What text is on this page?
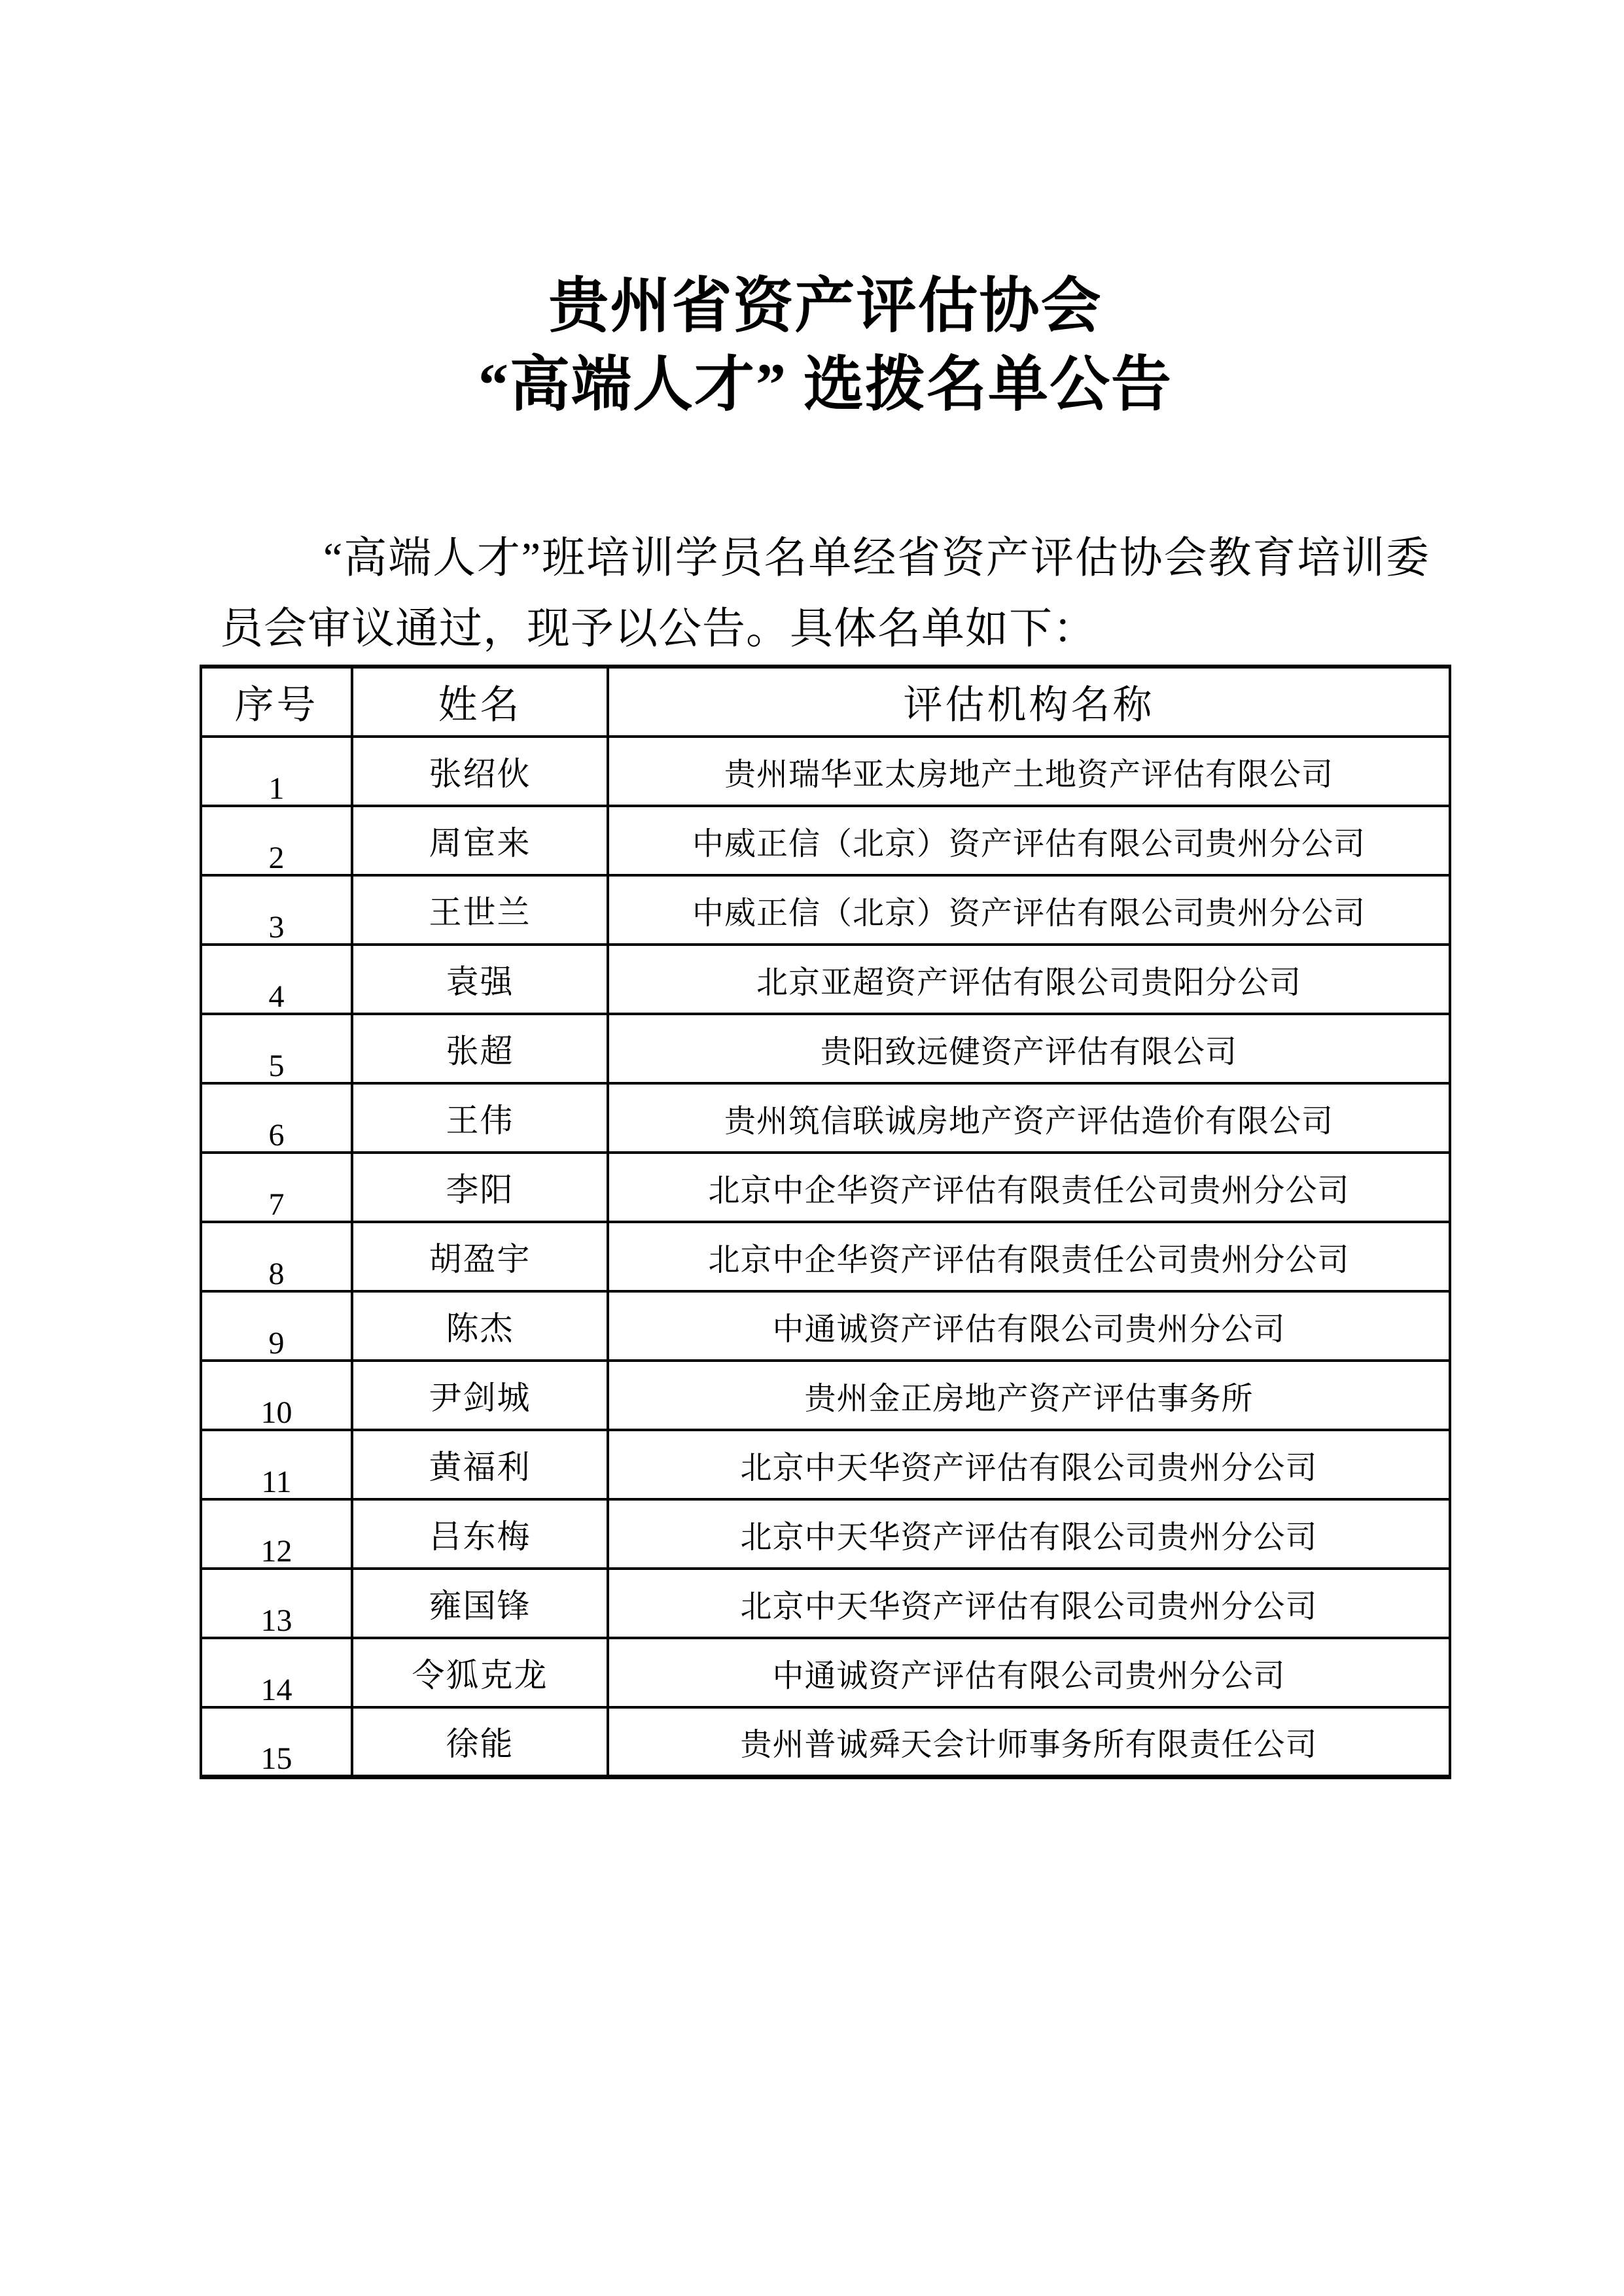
贵州省资产评估协会
“高端人才” 选拨名单公告

“高端人才”班培训学员名单经省资产评估协会教育培训委员会审议通过，现予以公告。具体名单如下：

序号	姓名	评估机构名称
1	张绍伙	贵州瑞华亚太房地产土地资产评估有限公司
2	周宦来	中威正信（北京）资产评估有限公司贵州分公司
3	王世兰	中威正信（北京）资产评估有限公司贵州分公司
4	袁强	北京亚超资产评估有限公司贵阳分公司
5	张超	贵阳致远健资产评估有限公司
6	王伟	贵州筑信联诚房地产资产评估造价有限公司
7	李阳	北京中企华资产评估有限责任公司贵州分公司
8	胡盈宇	北京中企华资产评估有限责任公司贵州分公司
9	陈杰	中通诚资产评估有限公司贵州分公司
10	尹剑城	贵州金正房地产资产评估事务所
11	黄福利	北京中天华资产评估有限公司贵州分公司
12	吕东梅	北京中天华资产评估有限公司贵州分公司
13	雍国锋	北京中天华资产评估有限公司贵州分公司
14	令狐克龙	中通诚资产评估有限公司贵州分公司
15	徐能	贵州普诚舜天会计师事务所有限责任公司
